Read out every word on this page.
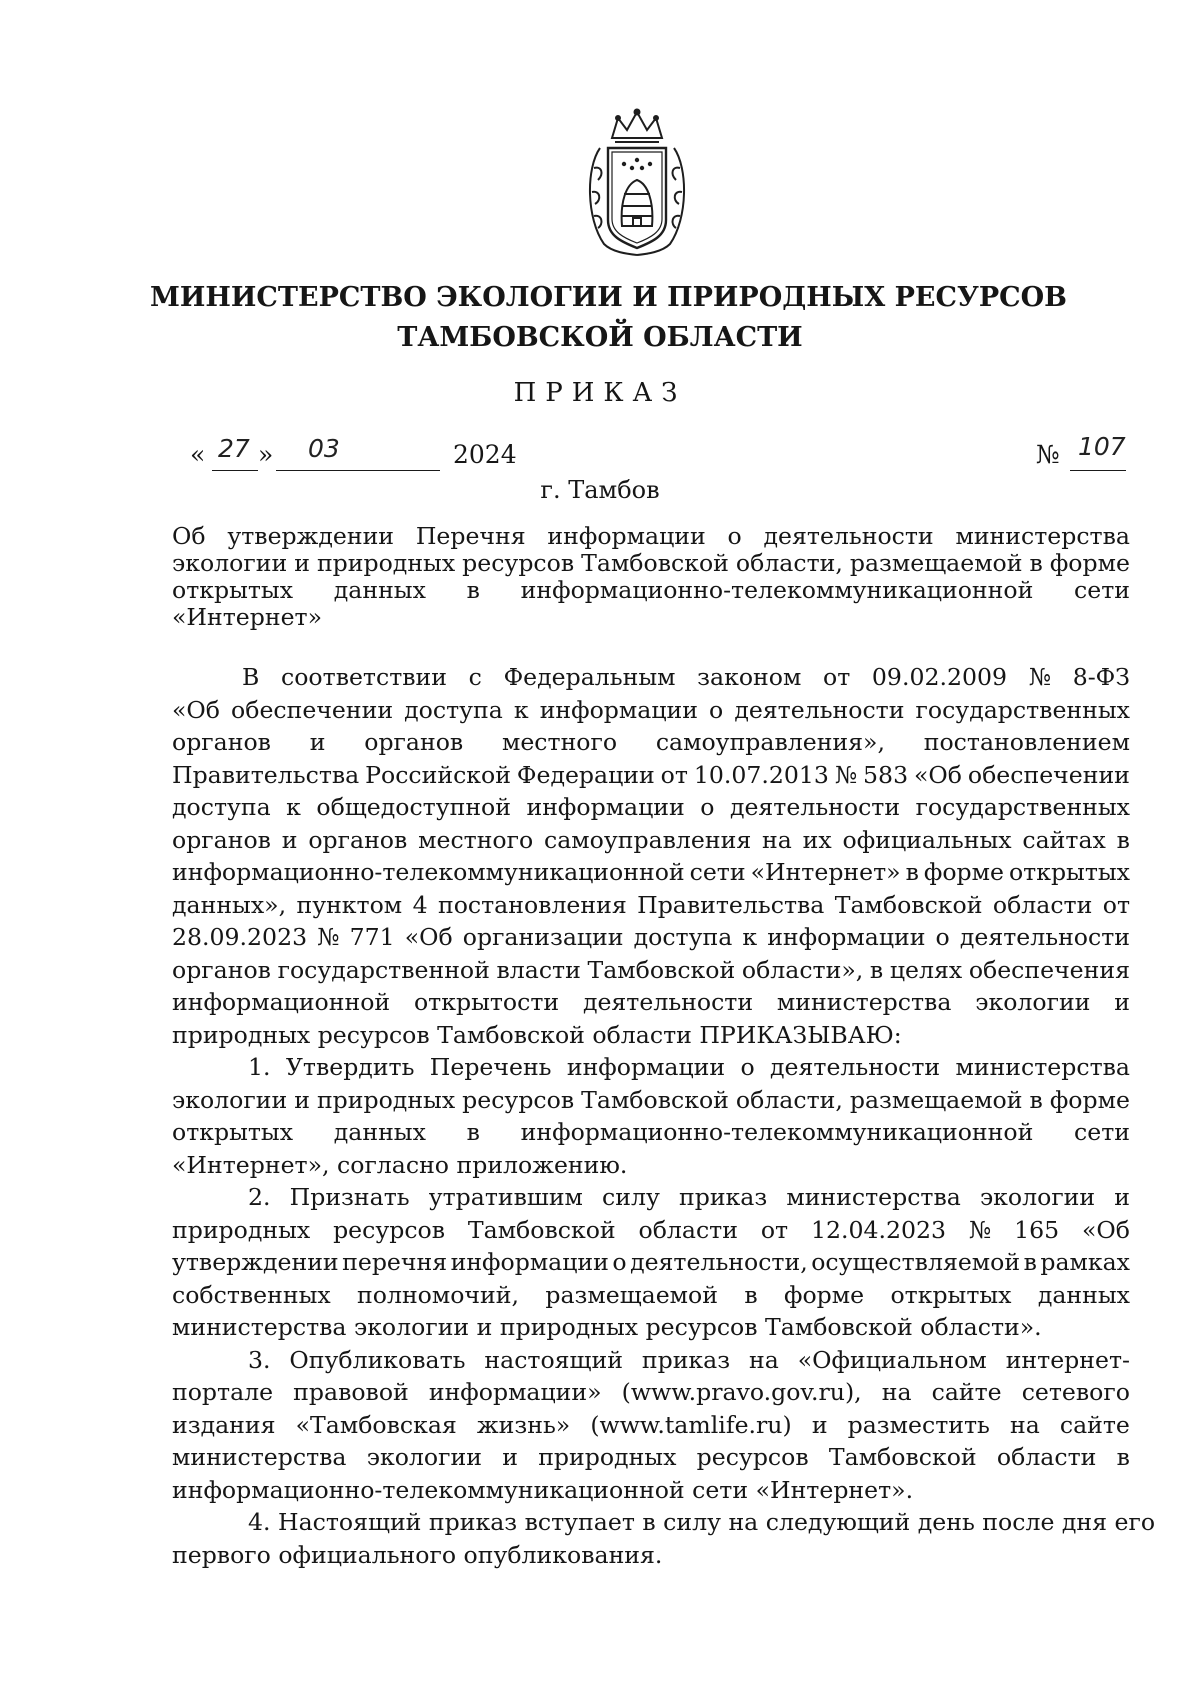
МИНИСТЕРСТВО ЭКОЛОГИИ И ПРИРОДНЫХ РЕСУРСОВ
ТАМБОВСКОЙ ОБЛАСТИ
ПРИКАЗ
« 27 » 03	2024	№ 107
г. Тамбов
Об утверждении Перечня информации о деятельности министерства
экологии и природных ресурсов Тамбовской области, размещаемой в форме
открытых данных в информационно-телекоммуникационной сети
«Интернет»
В соответствии с Федеральным законом от 09.02.2009 № 8-ФЗ
«Об обеспечении доступа к информации о деятельности государственных
органов и органов местного самоуправления», постановлением
Правительства Российской Федерации от 10.07.2013 № 583 «Об обеспечении
доступа к общедоступной информации о деятельности государственных
органов и органов местного самоуправления на их официальных сайтах в
информационно-телекоммуникационной сети «Интернет» в форме открытых
данных», пунктом 4 постановления Правительства Тамбовской области от
28.09.2023 № 771 «Об организации доступа к информации о деятельности
органов государственной власти Тамбовской области», в целях обеспечения
информационной открытости деятельности министерства экологии и
природных ресурсов Тамбовской области ПРИКАЗЫВАЮ:
1. Утвердить Перечень информации о деятельности министерства
экологии и природных ресурсов Тамбовской области, размещаемой в форме
открытых данных в информационно-телекоммуникационной сети
«Интернет», согласно приложению.
2. Признать утратившим силу приказ министерства экологии и
природных ресурсов Тамбовской области от 12.04.2023 № 165 «Об
утверждении перечня информации о деятельности, осуществляемой в рамках
собственных полномочий, размещаемой в форме открытых данных
министерства экологии и природных ресурсов Тамбовской области».
3. Опубликовать настоящий приказ на «Официальном интернет-
портале правовой информации» (www.pravo.gov.ru), на сайте сетевого
издания «Тамбовская жизнь» (www.tamlife.ru) и разместить на сайте
министерства экологии и природных ресурсов Тамбовской области в
информационно-телекоммуникационной сети «Интернет».
4. Настоящий приказ вступает в силу на следующий день после дня его
первого официального опубликования.
